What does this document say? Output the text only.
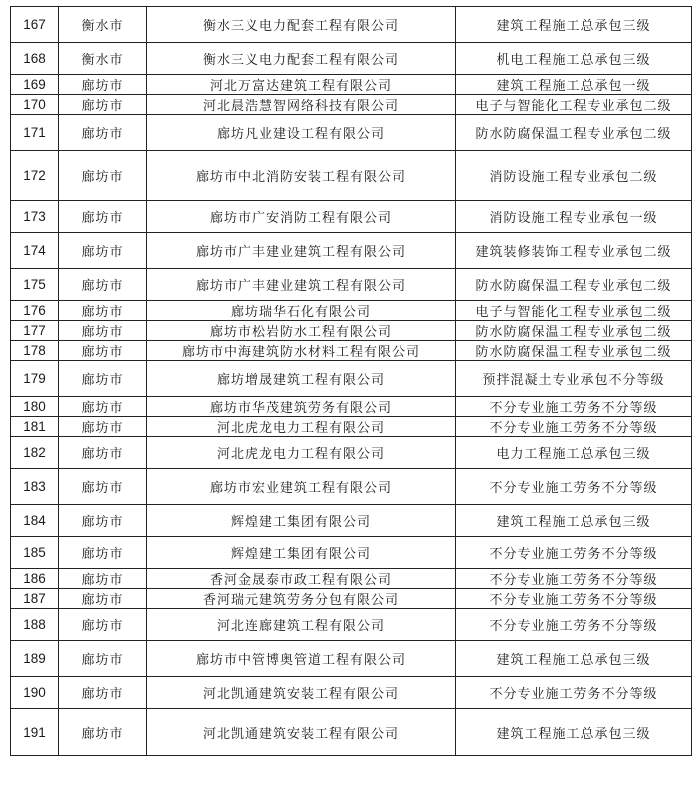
167	衡水市	衡水三义电力配套工程有限公司	建筑工程施工总承包三级
168	衡水市	衡水三义电力配套工程有限公司	机电工程施工总承包三级
169	廊坊市	河北万富达建筑工程有限公司	建筑工程施工总承包一级
170	廊坊市	河北晨浩慧智网络科技有限公司	电子与智能化工程专业承包二级
171	廊坊市	廊坊凡业建设工程有限公司	防水防腐保温工程专业承包二级
172	廊坊市	廊坊市中北消防安装工程有限公司	消防设施工程专业承包二级
173	廊坊市	廊坊市广安消防工程有限公司	消防设施工程专业承包一级
174	廊坊市	廊坊市广丰建业建筑工程有限公司	建筑装修装饰工程专业承包二级
175	廊坊市	廊坊市广丰建业建筑工程有限公司	防水防腐保温工程专业承包二级
176	廊坊市	廊坊瑞华石化有限公司	电子与智能化工程专业承包二级
177	廊坊市	廊坊市松岩防水工程有限公司	防水防腐保温工程专业承包二级
178	廊坊市	廊坊市中海建筑防水材料工程有限公司	防水防腐保温工程专业承包二级
179	廊坊市	廊坊增晟建筑工程有限公司	预拌混凝土专业承包不分等级
180	廊坊市	廊坊市华茂建筑劳务有限公司	不分专业施工劳务不分等级
181	廊坊市	河北虎龙电力工程有限公司	不分专业施工劳务不分等级
182	廊坊市	河北虎龙电力工程有限公司	电力工程施工总承包三级
183	廊坊市	廊坊市宏业建筑工程有限公司	不分专业施工劳务不分等级
184	廊坊市	辉煌建工集团有限公司	建筑工程施工总承包三级
185	廊坊市	辉煌建工集团有限公司	不分专业施工劳务不分等级
186	廊坊市	香河金晟泰市政工程有限公司	不分专业施工劳务不分等级
187	廊坊市	香河瑞元建筑劳务分包有限公司	不分专业施工劳务不分等级
188	廊坊市	河北连廊建筑工程有限公司	不分专业施工劳务不分等级
189	廊坊市	廊坊市中管博奥管道工程有限公司	建筑工程施工总承包三级
190	廊坊市	河北凯通建筑安装工程有限公司	不分专业施工劳务不分等级
191	廊坊市	河北凯通建筑安装工程有限公司	建筑工程施工总承包三级
